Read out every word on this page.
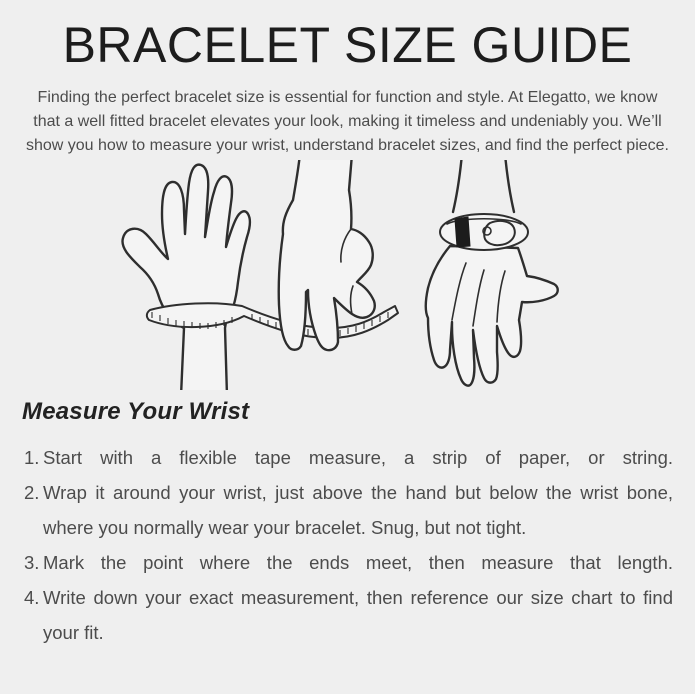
BRACELET SIZE GUIDE

Finding the perfect bracelet size is essential for function and style. At Elegatto, we know that a well fitted bracelet elevates your look, making it timeless and undeniably you. We’ll show you how to measure your wrist, understand bracelet sizes, and find the perfect piece.

Measure Your Wrist
1. Start with a flexible tape measure, a strip of paper, or string.
2. Wrap it around your wrist, just above the hand but below the wrist bone, where you normally wear your bracelet. Snug, but not tight.
3. Mark the point where the ends meet, then measure that length.
4. Write down your exact measurement, then reference our size chart to find your fit.
